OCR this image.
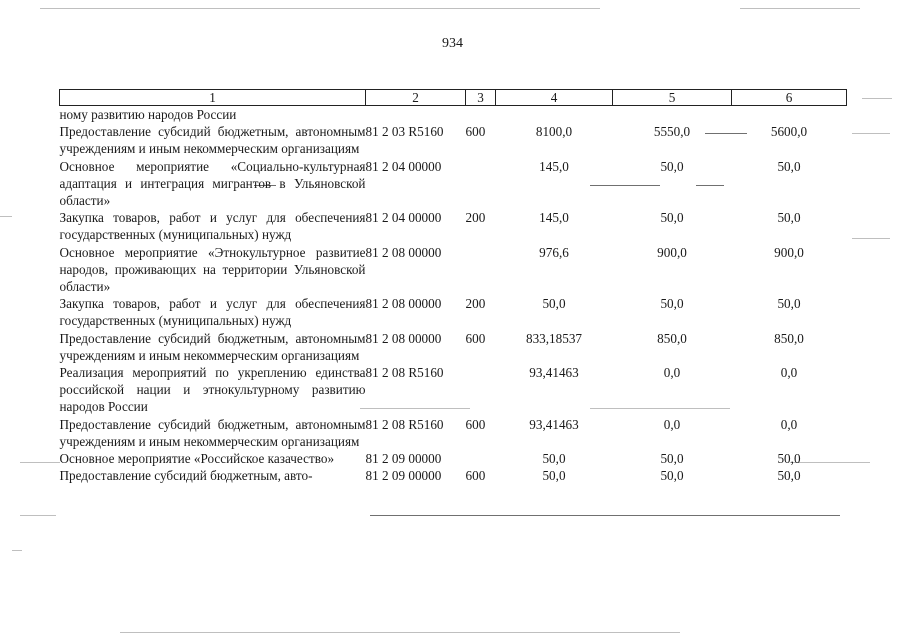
934
1	2	3	4	5	6
ному развитию народов России					
Предоставление субсидий бюджетным, автономным учреждениям и иным некоммерческим организациям	81 2 03 R5160	600	8100,0	5550,0	5600,0
Основное мероприятие «Социально-культурная адаптация и интеграция мигрантов в Ульяновской области»	81 2 04 00000		145,0	50,0	50,0
Закупка товаров, работ и услуг для обеспечения государственных (муниципальных) нужд	81 2 04 00000	200	145,0	50,0	50,0
Основное мероприятие «Этнокультурное развитие народов, проживающих на территории Ульяновской области»	81 2 08 00000		976,6	900,0	900,0
Закупка товаров, работ и услуг для обеспечения государственных (муниципальных) нужд	81 2 08 00000	200	50,0	50,0	50,0
Предоставление субсидий бюджетным, автономным учреждениям и иным некоммерческим организациям	81 2 08 00000	600	833,18537	850,0	850,0
Реализация мероприятий по укреплению единства российской нации и этнокультурному развитию народов России	81 2 08 R5160		93,41463	0,0	0,0
Предоставление субсидий бюджетным, автономным учреждениям и иным некоммерческим организациям	81 2 08 R5160	600	93,41463	0,0	0,0
Основное мероприятие «Российское казачество»	81 2 09 00000		50,0	50,0	50,0
Предоставление субсидий бюджетным, авто-	81 2 09 00000	600	50,0	50,0	50,0
